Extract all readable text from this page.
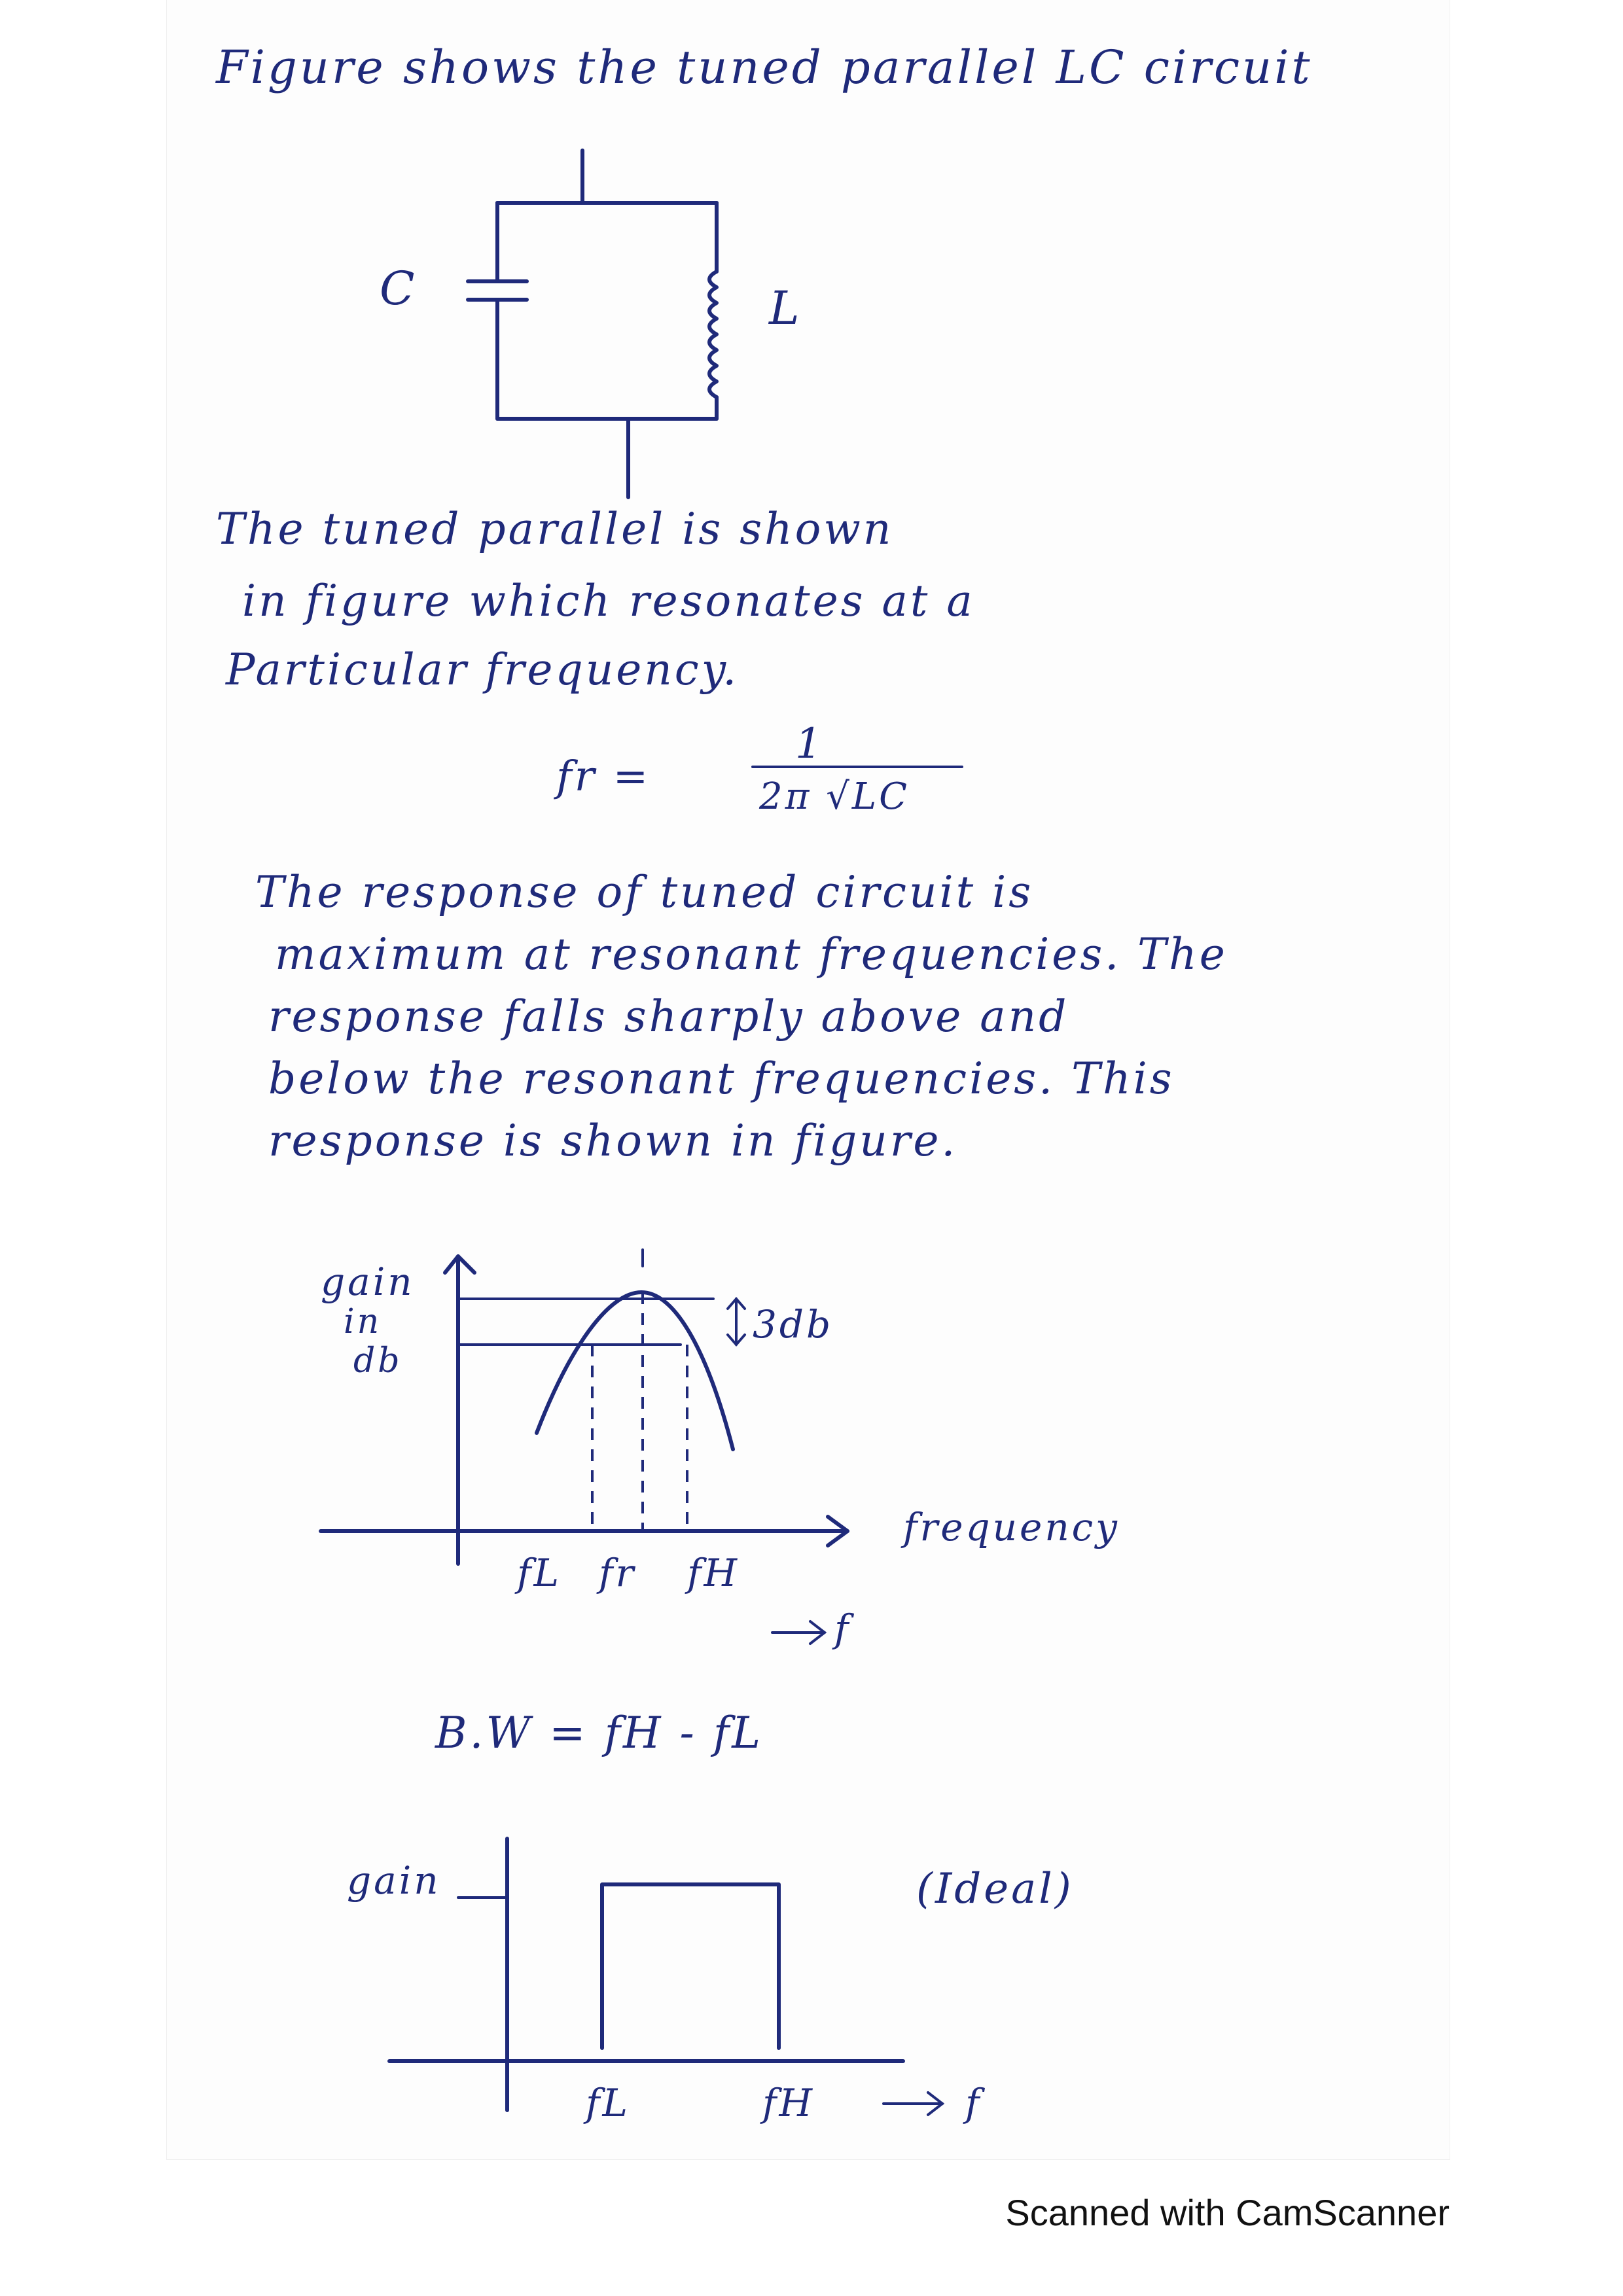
Figure shows the tuned parallel LC circuit
C	L
The tuned parallel is shown
in figure which resonates at a
Particular frequency.
fr =
1
2π √LC
The response of tuned circuit is
maximum at resonant frequencies. The
response falls sharply above and
below the resonant frequencies. This
response is shown in figure.
gain
in
db
3db
frequency
fL fr fH
f
B.W = fH - fL
gain
fL	fH	f
(Ideal)
Scanned with CamScanner
